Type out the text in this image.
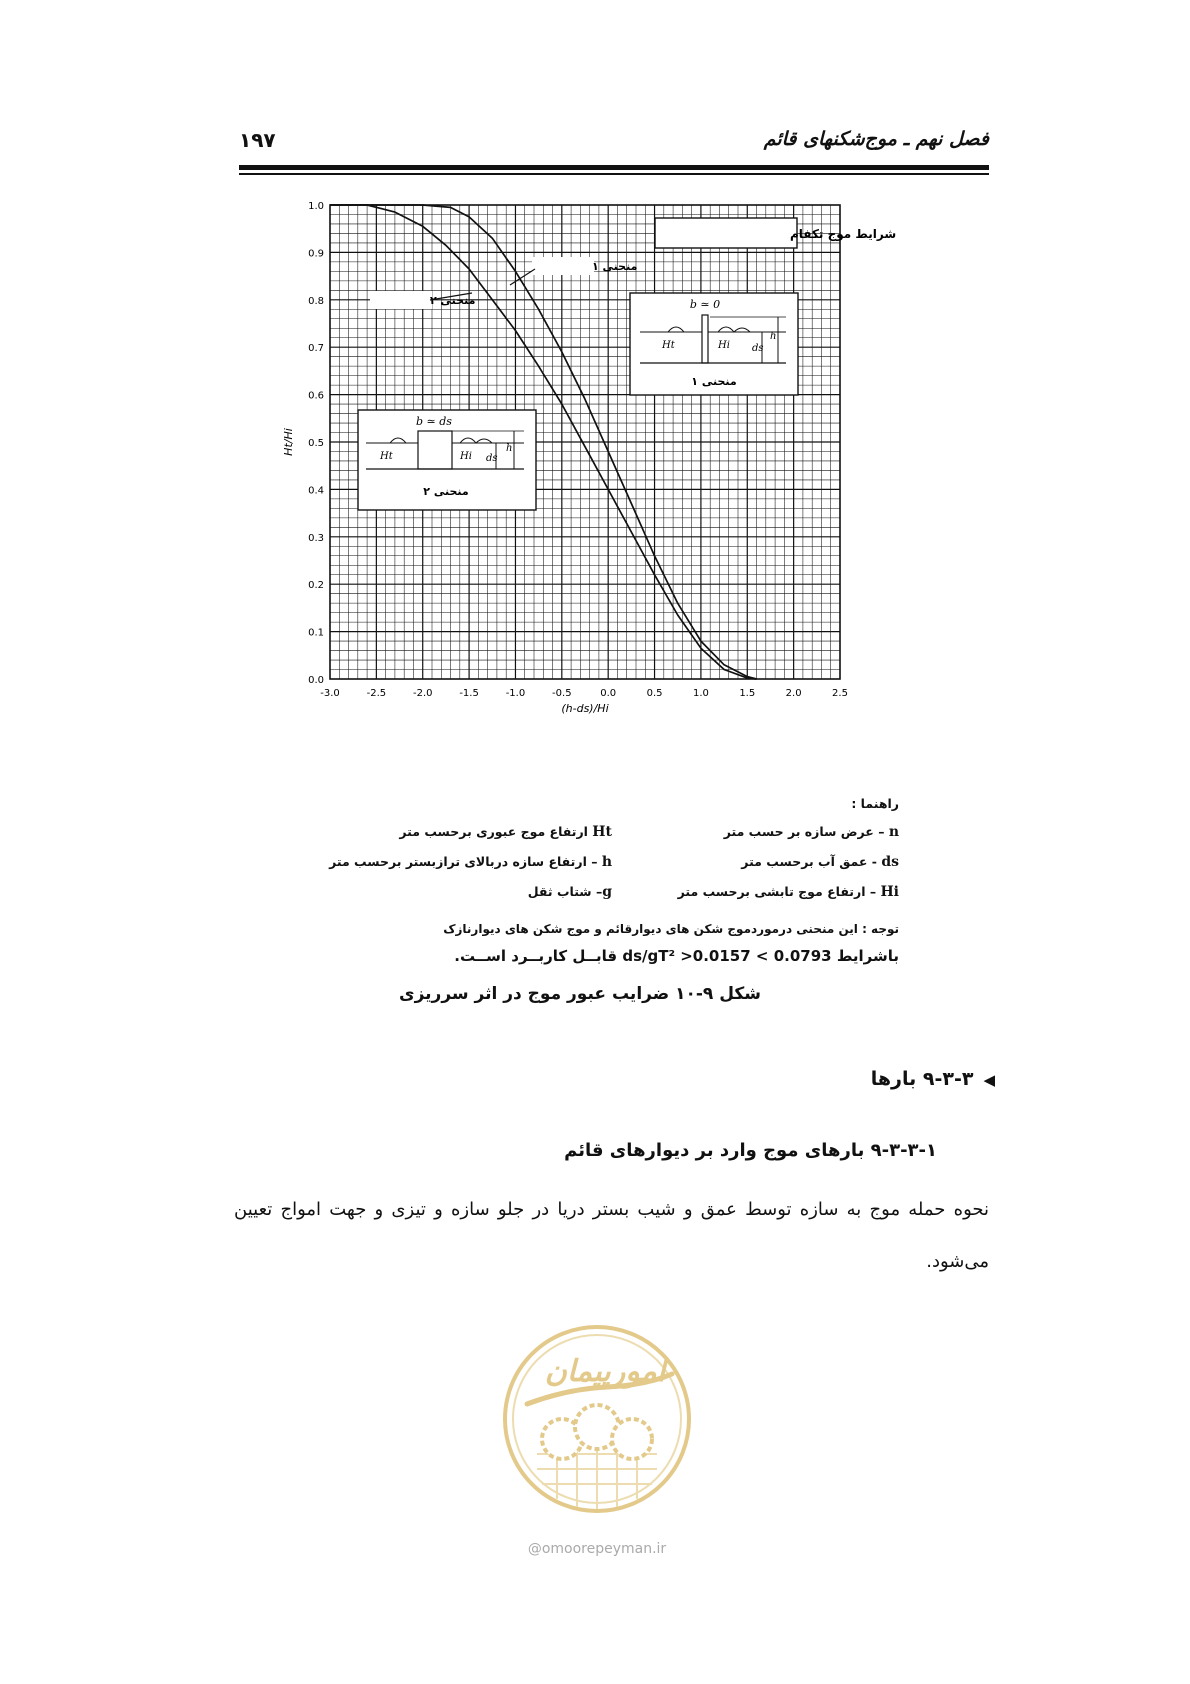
۱۹۷	فصل نهم ـ موج‌شکنهای قائم
0.0
0.1
0.2
0.3
0.4
0.5
0.6
0.7
0.8
0.9
1.0
-3.0	-2.5	-2.0	-1.5	-1.0	-0.5	0.0	0.5	1.0	1.5	2.0	2.5
(h-ds)/Hi
Ht/Hi
شرایط موج تکفام
منحنی ۱
منحنی ۲	b ≃ 0
Ht	Hi ds
h
منحنی ۱
b ≃ ds
Ht	Hi ds
h
منحنی ۲
راهنما :
n – عرض سازه بر حسب متر
Ht ارتفاع موج عبوری برحسب متر
ds - عمق آب برحسب متر
h – ارتفاع سازه دربالای ترازبستر برحسب متر
Hi – ارتفاع موج تابشی برحسب متر
g– شتاب ثقل
توجه : این منحنی درموردموج شکن های دیوارقائم و موج شکن های دیوارنازک
باشرایط 0.0793 > ds/gT² >0.0157 قابــل کاربــرد اســت.
شکل ۹-۱۰ ضرایب عبور موج در اثر سرریزی
◀۹-۳-۳ بارها
۹-۳-۳-۱ بارهای موج وارد بر دیوارهای قائم
نحوه حمله موج به سازه توسط عمق و شیب بستر دریا در جلو سازه و تیزی و جهت امواج تعیین می‌شود.
امورپیمان
@omoorepeyman.ir
